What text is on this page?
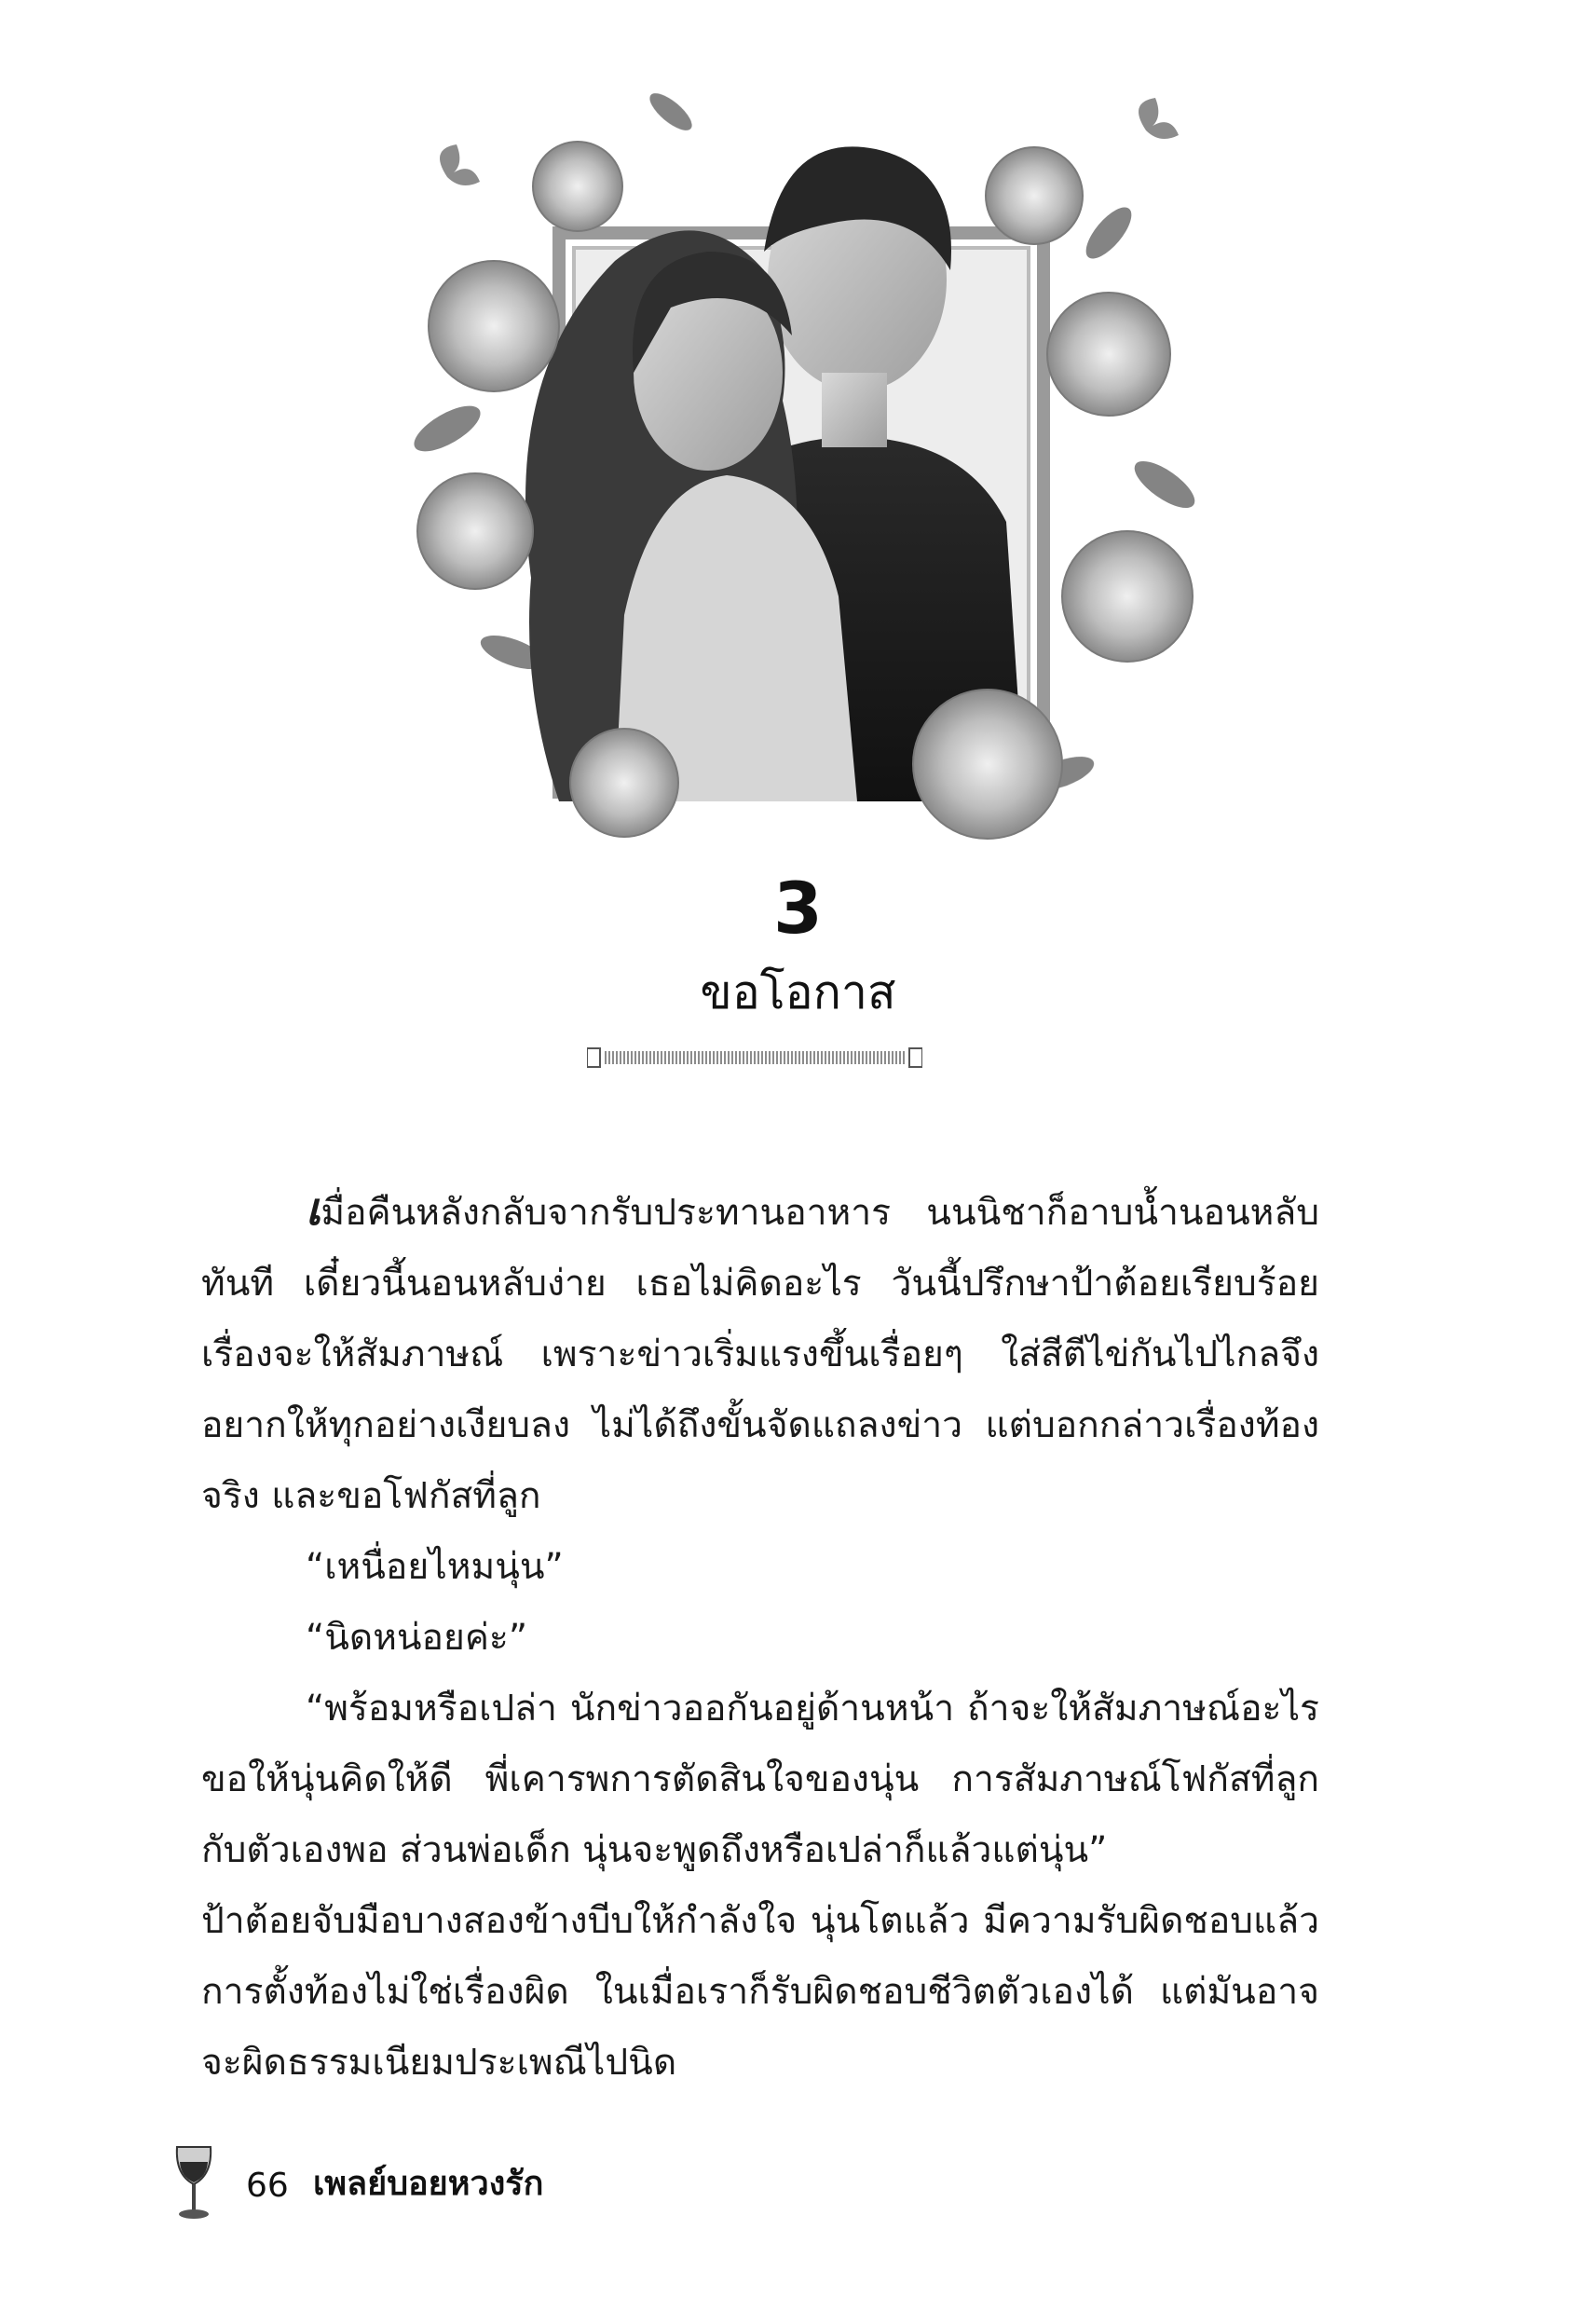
3
ขอโอกาส

เมื่อคืนหลังกลับจากรับประทานอาหาร นนนิชาก็อาบน้ำนอนหลับทันที เดี๋ยวนี้นอนหลับง่าย เธอไม่คิดอะไร วันนี้ปรึกษาป้าต้อยเรียบร้อยเรื่องจะให้สัมภาษณ์ เพราะข่าวเริ่มแรงขึ้นเรื่อยๆ ใส่สีตีไข่กันไปไกลจึงอยากให้ทุกอย่างเงียบลง ไม่ได้ถึงขั้นจัดแถลงข่าว แต่บอกกล่าวเรื่องท้องจริง และขอโฟกัสที่ลูก

“เหนื่อยไหมนุ่น”

“นิดหน่อยค่ะ”

“พร้อมหรือเปล่า นักข่าวออกันอยู่ด้านหน้า ถ้าจะให้สัมภาษณ์อะไร ขอให้นุ่นคิดให้ดี พี่เคารพการตัดสินใจของนุ่น การสัมภาษณ์โฟกัสที่ลูกกับตัวเองพอ ส่วนพ่อเด็ก นุ่นจะพูดถึงหรือเปล่าก็แล้วแต่นุ่น”

ป้าต้อยจับมือบางสองข้างบีบให้กำลังใจ นุ่นโตแล้ว มีความรับผิดชอบแล้ว การตั้งท้องไม่ใช่เรื่องผิด ในเมื่อเราก็รับผิดชอบชีวิตตัวเองได้ แต่มันอาจจะผิดธรรมเนียมประเพณีไปนิด

66 เพลย์บอยหวงรัก
